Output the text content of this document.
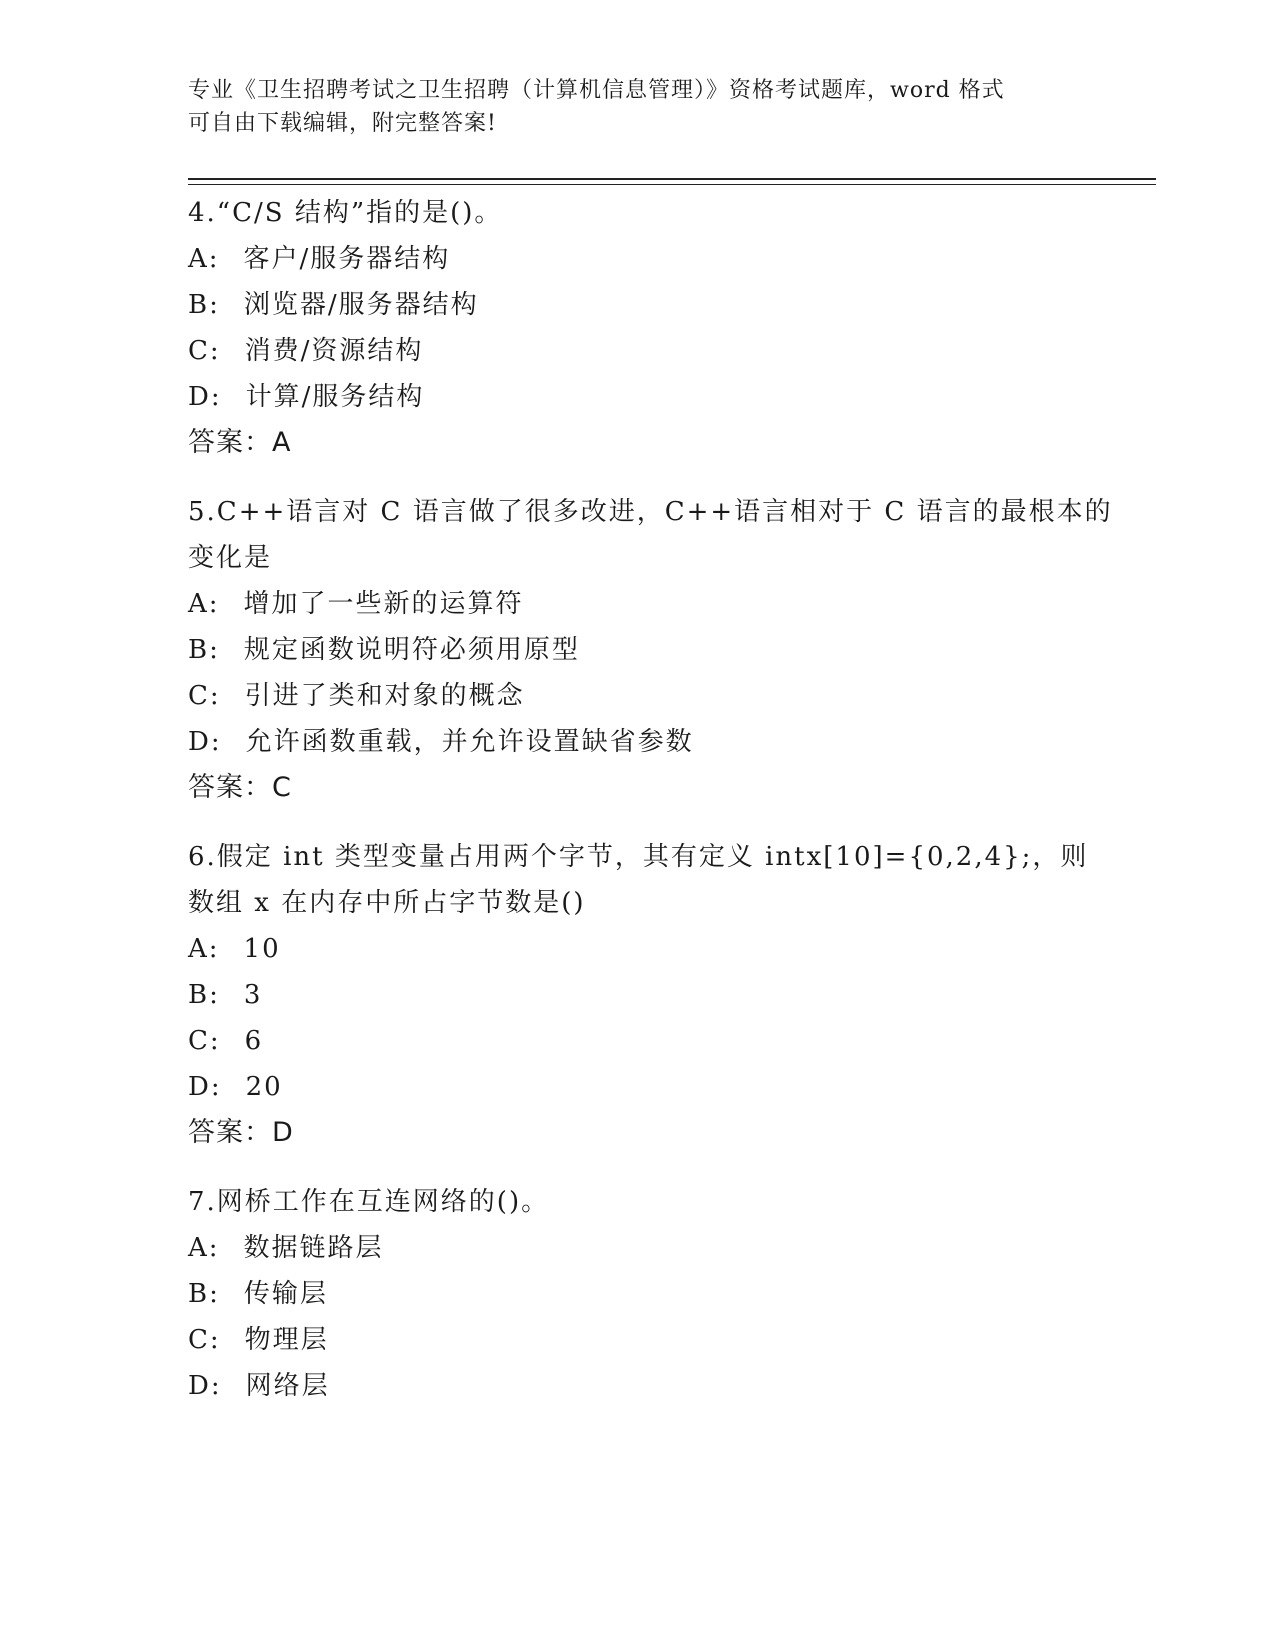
专业《卫生招聘考试之卫生招聘（计算机信息管理）》资格考试题库，word 格式
可自由下载编辑，附完整答案!
4.“C/S 结构”指的是()。
A: 客户/服务器结构
B: 浏览器/服务器结构
C: 消费/资源结构
D: 计算/服务结构
答案：A
5.C++语言对 C 语言做了很多改进，C++语言相对于 C 语言的最根本的
变化是
A: 增加了一些新的运算符
B: 规定函数说明符必须用原型
C: 引进了类和对象的概念
D: 允许函数重载，并允许设置缺省参数
答案：C
6.假定 int 类型变量占用两个字节，其有定义 intx[10]={0,2,4};，则
数组 x 在内存中所占字节数是()
A: 10
B: 3
C: 6
D: 20
答案：D
7.网桥工作在互连网络的()。
A: 数据链路层
B: 传输层
C: 物理层
D: 网络层
